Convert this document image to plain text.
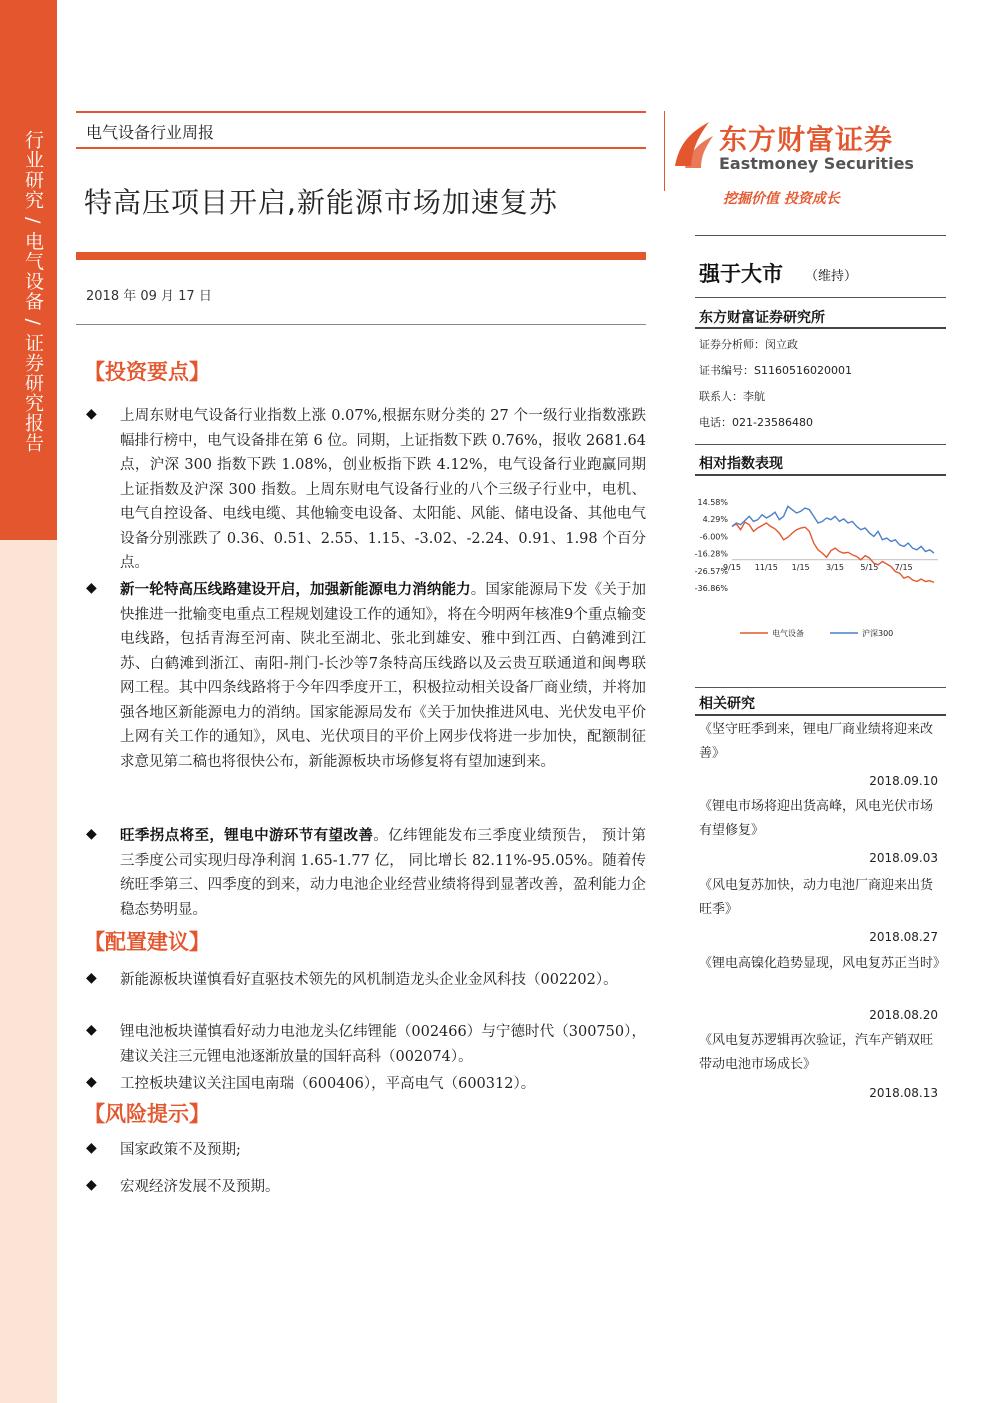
行业研究 / 电气设备 / 证券研究报告	电气设备行业周报
特高压项目开启,新能源市场加速复苏
2018 年 09 月 17 日
【投资要点】
◆	上周东财电气设备行业指数上涨 0.07%,根据东财分类的 27 个一级行业指数涨跌幅排行榜中，电气设备排在第 6 位。同期，上证指数下跌 0.76%，报收 2681.64 点，沪深 300 指数下跌 1.08%，创业板指下跌 4.12%，电气设备行业跑赢同期上证指数及沪深 300 指数。上周东财电气设备行业的八个三级子行业中，电机、电气自控设备、电线电缆、其他输变电设备、太阳能、风能、储电设备、其他电气设备分别涨跌了 0.36、0.51、2.55、1.15、-3.02、-2.24、0.91、1.98 个百分点。
◆	新一轮特高压线路建设开启，加强新能源电力消纳能力。国家能源局下发《关于加快推进一批输变电重点工程规划建设工作的通知》，将在今明两年核准9个重点输变电线路，包括青海至河南、陕北至湖北、张北到雄安、雅中到江西、白鹤滩到江苏、白鹤滩到浙江、南阳-荆门-长沙等7条特高压线路以及云贵互联通道和闽粤联网工程。其中四条线路将于今年四季度开工，积极拉动相关设备厂商业绩，并将加强各地区新能源电力的消纳。国家能源局发布《关于加快推进风电、光伏发电平价上网有关工作的通知》，风电、光伏项目的平价上网步伐将进一步加快，配额制征求意见第二稿也将很快公布，新能源板块市场修复将有望加速到来。
◆	旺季拐点将至，锂电中游环节有望改善。亿纬锂能发布三季度业绩预告， 预计第三季度公司实现归母净利润 1.65-1.77 亿， 同比增长 82.11%-95.05%。随着传统旺季第三、四季度的到来，动力电池企业经营业绩将得到显著改善，盈利能力企稳态势明显。
【配置建议】
◆	新能源板块谨慎看好直驱技术领先的风机制造龙头企业金风科技（002202）。
◆	锂电池板块谨慎看好动力电池龙头亿纬锂能（002466）与宁德时代（300750），建议关注三元锂电池逐渐放量的国轩高科（002074）。
◆	工控板块建议关注国电南瑞（600406），平高电气（600312）。
【风险提示】
◆	国家政策不及预期;
◆	宏观经济发展不及预期。
东方财富证券
Eastmoney Securities
挖掘价值 投资成长
强于大市 （维持）
东方财富证券研究所
证券分析师：闵立政
证书编号：S1160516020001
联系人：李航
电话：021-23586480
相对指数表现
14.58%
4.29%
-6.00%
-16.28%
-26.57%
-36.86%
9/15 11/15 1/15 3/15 5/15 7/15
电气设备	沪深300
相关研究
《坚守旺季到来，锂电厂商业绩将迎来改善》
2018.09.10
《锂电市场将迎出货高峰，风电光伏市场有望修复》
2018.09.03
《风电复苏加快，动力电池厂商迎来出货旺季》
2018.08.27
《锂电高镍化趋势显现，风电复苏正当时》
2018.08.20
《风电复苏逻辑再次验证，汽车产销双旺带动电池市场成长》
2018.08.13
